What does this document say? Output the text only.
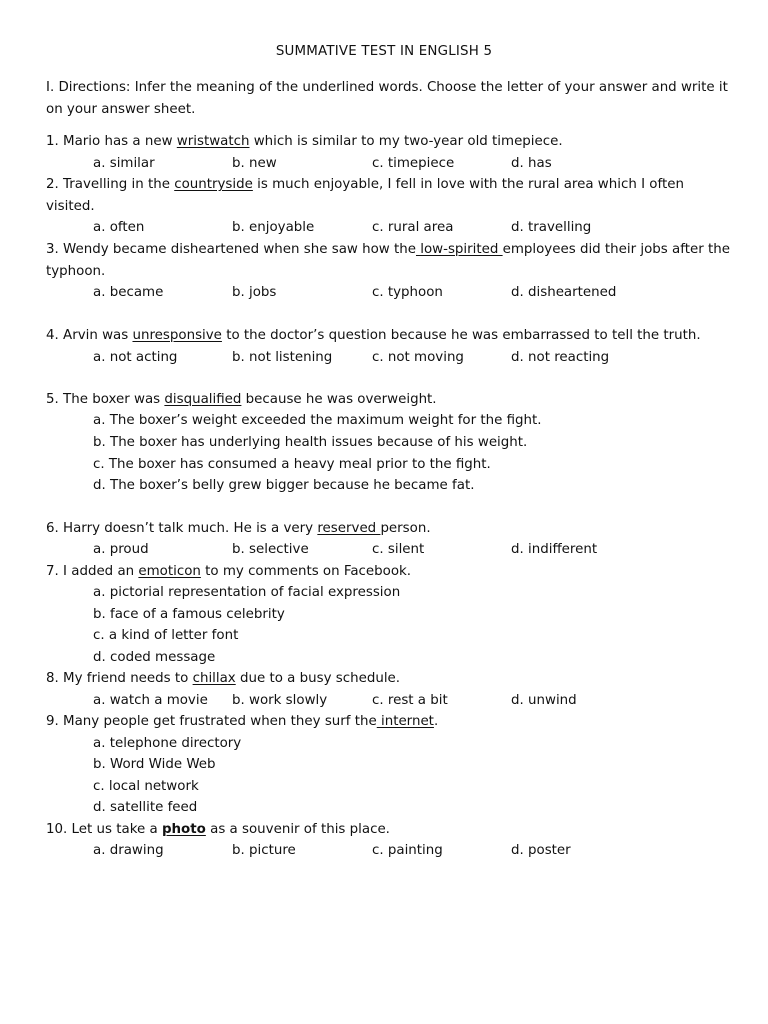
SUMMATIVE TEST IN ENGLISH 5
I. Directions: Infer the meaning of the underlined words. Choose the letter of your answer and write it on your answer sheet.
1. Mario has a new wristwatch which is similar to my two-year old timepiece.
a. similar	b. new	c. timepiece	d. has
2. Travelling in the countryside is much enjoyable, I fell in love with the rural area which I often visited.
a. often	b. enjoyable	c. rural area	d. travelling
3. Wendy became disheartened when she saw how the low-spirited employees did their jobs after the typhoon.
a. became	b. jobs	c. typhoon	d. disheartened
4. Arvin was unresponsive to the doctor’s question because he was embarrassed to tell the truth.
a. not acting	b. not listening	c. not moving	d. not reacting
5. The boxer was disqualified because he was overweight.
a. The boxer’s weight exceeded the maximum weight for the fight.
b. The boxer has underlying health issues because of his weight.
c. The boxer has consumed a heavy meal prior to the fight.
d. The boxer’s belly grew bigger because he became fat.
6. Harry doesn’t talk much. He is a very reserved person.
a. proud	b. selective	c. silent	d. indifferent
7. I added an emoticon to my comments on Facebook.
a. pictorial representation of facial expression
b. face of a famous celebrity
c. a kind of letter font
d. coded message
8. My friend needs to chillax due to a busy schedule.
a. watch a movie b. work slowly	c. rest a bit	d. unwind
9. Many people get frustrated when they surf the internet.
a. telephone directory
b. Word Wide Web
c. local network
d. satellite feed
10. Let us take a photo as a souvenir of this place.
a. drawing	b. picture	c. painting	d. poster
